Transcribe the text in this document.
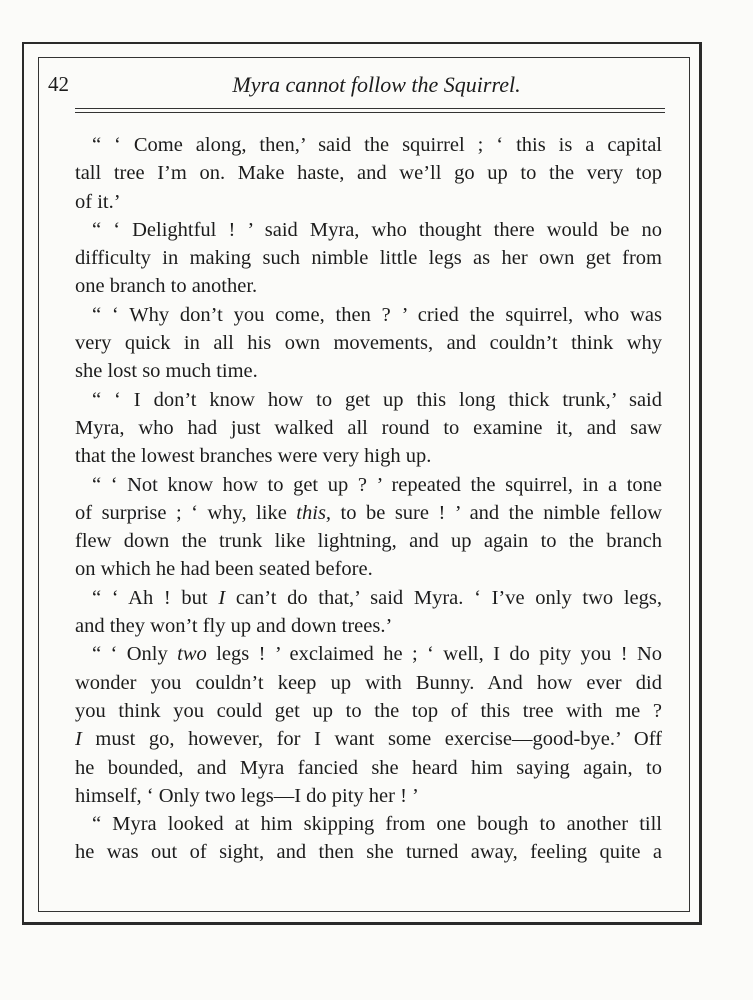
42	Myra cannot follow the Squirrel.
“ ‘ Come along, then,’ said the squirrel ; ‘ this is a capital
tall tree I’m on. Make haste, and we’ll go up to the very top
of it.’
“ ‘ Delightful ! ’ said Myra, who thought there would be no
difficulty in making such nimble little legs as her own get from
one branch to another.
“ ‘ Why don’t you come, then ? ’ cried the squirrel, who was
very quick in all his own movements, and couldn’t think why
she lost so much time.
“ ‘ I don’t know how to get up this long thick trunk,’ said
Myra, who had just walked all round to examine it, and saw
that the lowest branches were very high up.
“ ‘ Not know how to get up ? ’ repeated the squirrel, in a tone
of surprise ; ‘ why, like this, to be sure ! ’ and the nimble fellow
flew down the trunk like lightning, and up again to the branch
on which he had been seated before.
“ ‘ Ah ! but I can’t do that,’ said Myra. ‘ I’ve only two legs,
and they won’t fly up and down trees.’
“ ‘ Only two legs ! ’ exclaimed he ; ‘ well, I do pity you ! No
wonder you couldn’t keep up with Bunny. And how ever did
you think you could get up to the top of this tree with me ?
I must go, however, for I want some exercise—good-bye.’ Off
he bounded, and Myra fancied she heard him saying again, to
himself, ‘ Only two legs—I do pity her ! ’
“ Myra looked at him skipping from one bough to another till
he was out of sight, and then she turned away, feeling quite a
